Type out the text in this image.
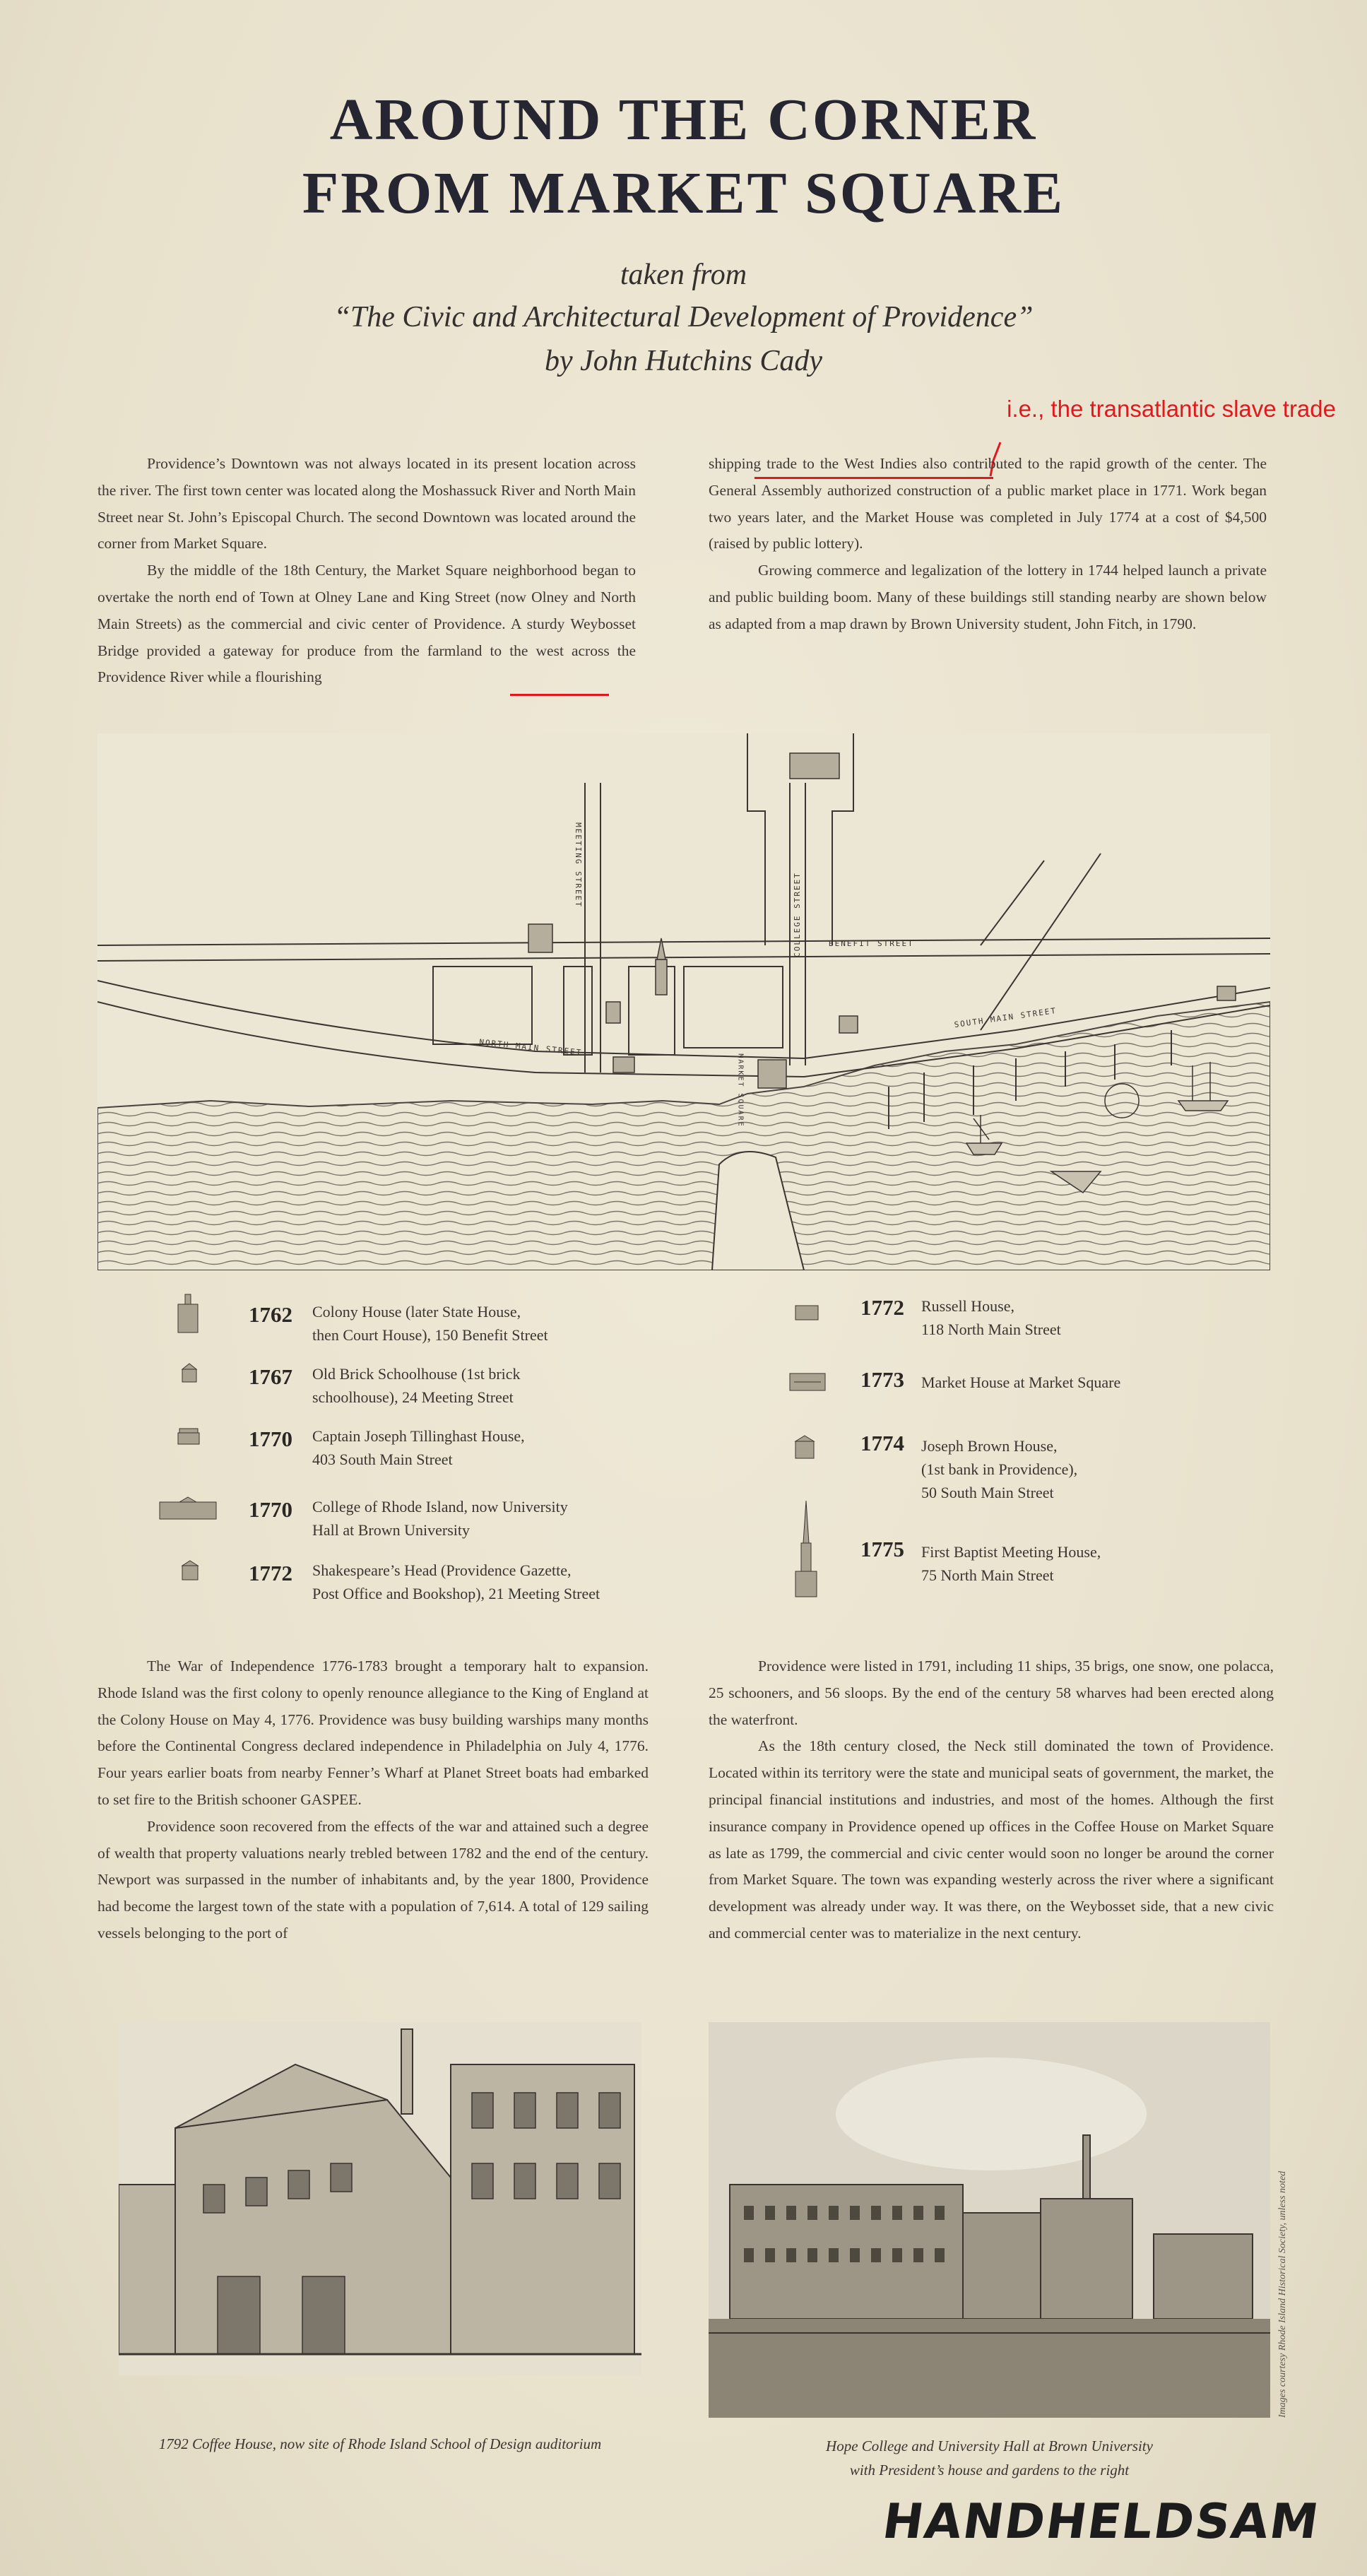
AROUND THE CORNER
FROM MARKET SQUARE
taken from
“The Civic and Architectural Development of Providence”
by John Hutchins Cady
i.e., the transatlantic slave trade

Providence’s Downtown was not always located in its present location across the river. The first town center was located along the Moshassuck River and North Main Street near St. John’s Episcopal Church. The second Downtown was located around the corner from Market Square.

By the middle of the 18th Century, the Market Square neighborhood began to overtake the north end of Town at Olney Lane and King Street (now Olney and North Main Streets) as the commercial and civic center of Providence. A sturdy Weybosset Bridge provided a gateway for produce from the farmland to the west across the Providence River while a flourishing

shipping trade to the West Indies also contributed to the rapid growth of the center. The General Assembly authorized construction of a public market place in 1771. Work began two years later, and the Market House was completed in July 1774 at a cost of $4,500 (raised by public lottery).

Growing commerce and legalization of the lottery in 1744 helped launch a private and public building boom. Many of these buildings still standing nearby are shown below as adapted from a map drawn by Brown University student, John Fitch, in 1790.

NORTH MAIN STREET
BENEFIT STREET
SOUTH MAIN STREET
MEETING STREET
COLLEGE STREET
MARKET SQUARE
1762 Colony House (later State House,
then Court House), 150 Benefit Street
1767 Old Brick Schoolhouse (1st brick
schoolhouse), 24 Meeting Street
1770 Captain Joseph Tillinghast House,
403 South Main Street
1770 College of Rhode Island, now University
Hall at Brown University
1772 Shakespeare’s Head (Providence Gazette,
Post Office and Bookshop), 21 Meeting Street
1772 Russell House,
118 North Main Street
1773 Market House at Market Square
1774 Joseph Brown House,
(1st bank in Providence),
50 South Main Street
1775 First Baptist Meeting House,
75 North Main Street

The War of Independence 1776-1783 brought a temporary halt to expansion. Rhode Island was the first colony to openly renounce allegiance to the King of England at the Colony House on May 4, 1776. Providence was busy building warships many months before the Continental Congress declared independence in Philadelphia on July 4, 1776. Four years earlier boats from nearby Fenner’s Wharf at Planet Street boats had embarked to set fire to the British schooner GASPEE.

Providence soon recovered from the effects of the war and attained such a degree of wealth that property valuations nearly trebled between 1782 and the end of the century. Newport was surpassed in the number of inhabitants and, by the year 1800, Providence had become the largest town of the state with a population of 7,614. A total of 129 sailing vessels belonging to the port of

Providence were listed in 1791, including 11 ships, 35 brigs, one snow, one polacca, 25 schooners, and 56 sloops. By the end of the century 58 wharves had been erected along the waterfront.

As the 18th century closed, the Neck still dominated the town of Providence. Located within its territory were the state and municipal seats of government, the market, the principal financial institutions and industries, and most of the homes. Although the first insurance company in Providence opened up offices in the Coffee House on Market Square as late as 1799, the commercial and civic center would soon no longer be around the corner from Market Square. The town was expanding westerly across the river where a significant development was already under way. It was there, on the Weybosset side, that a new civic and commercial center was to materialize in the next century.

1792 Coffee House, now site of Rhode Island School of Design auditorium	Hope College and University Hall at Brown University
with President’s house and gardens to the right
Images courtesy Rhode Island Historical Society, unless noted
HANDHELDSAM
